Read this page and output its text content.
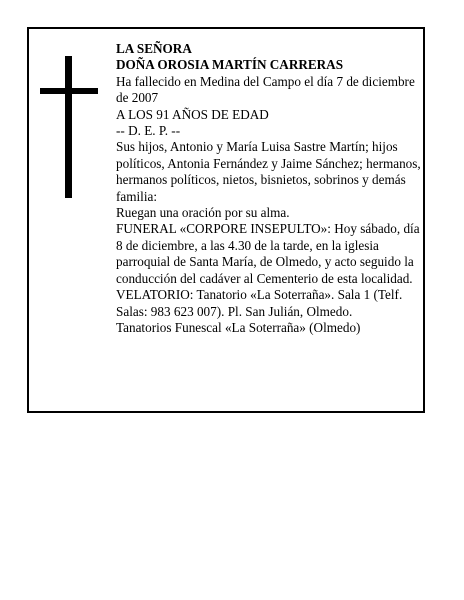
LA SEÑORA

DOÑA OROSIA MARTÍN CARRERAS

Ha fallecido en Medina del Campo el día 7 de diciembre de 2007

A LOS 91 AÑOS DE EDAD

-- D. E. P. --

Sus hijos, Antonio y María Luisa Sastre Martín; hijos políticos, Antonia Fernández y Jaime Sánchez; hermanos, hermanos políticos, nietos, bisnietos, sobrinos y demás familia:

Ruegan una oración por su alma.

FUNERAL «CORPORE INSEPULTO»: Hoy sábado, día 8 de diciembre, a las 4.30 de la tarde, en la iglesia parroquial de Santa María, de Olmedo, y acto seguido la conducción del cadáver al Cementerio de esta localidad.

VELATORIO: Tanatorio «La Soterraña». Sala 1 (Telf. Salas: 983 623 007). Pl. San Julián, Olmedo.

Tanatorios Funescal «La Soterraña» (Olmedo)
